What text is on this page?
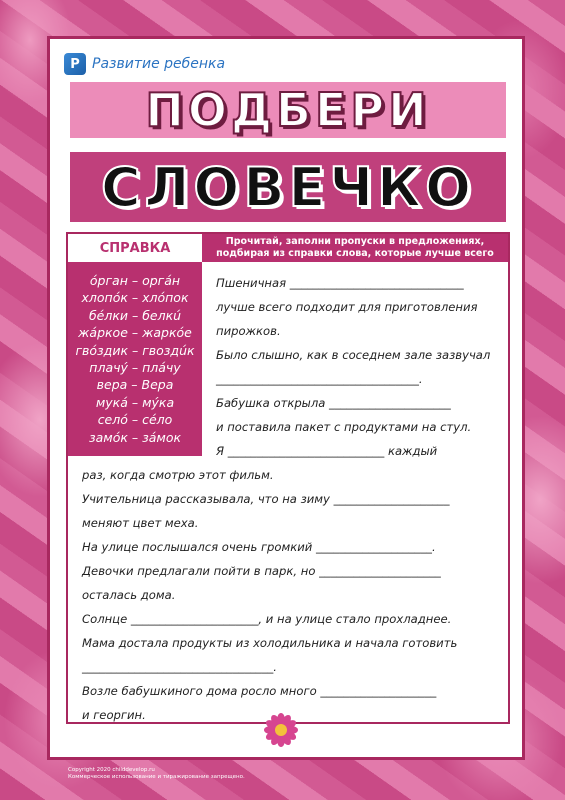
Р Развитие ребенка
ПОДБЕРИ
СЛОВЕЧКО
СПРАВКА	Прочитай, заполни пропуски в предложениях, подбирая из справки слова, которые лучше всего подходят по смыслу.
óрган – оргáн
хлопóк – хлóпок
бéлки – белкú
жáркое – жаркóе
гвóздик – гвоздúк
плачý – плáчу
вера – Вера
мукá – мýка
селó – сéло
замóк – зáмок
Пшеничная ______________________________
лучше всего подходит для приготовления
пирожков.
Было слышно, как в соседнем зале зазвучал
___________________________________.
Бабушка открыла _____________________
и поставила пакет с продуктами на стул.
Я ___________________________ каждый
раз, когда смотрю этот фильм.
Учительница рассказывала, что на зиму ____________________
меняют цвет меха.
На улице послышался очень громкий ____________________.
Девочки предлагали пойти в парк, но _____________________
осталась дома.
Солнце ______________________, и на улице стало прохладнее.
Мама достала продукты из холодильника и начала готовить
_________________________________.
Возле бабушкиного дома росло много ____________________
и георгин.
Copyright 2020 childdevelop.ru
Коммерческое использование и тиражирование запрещено.
